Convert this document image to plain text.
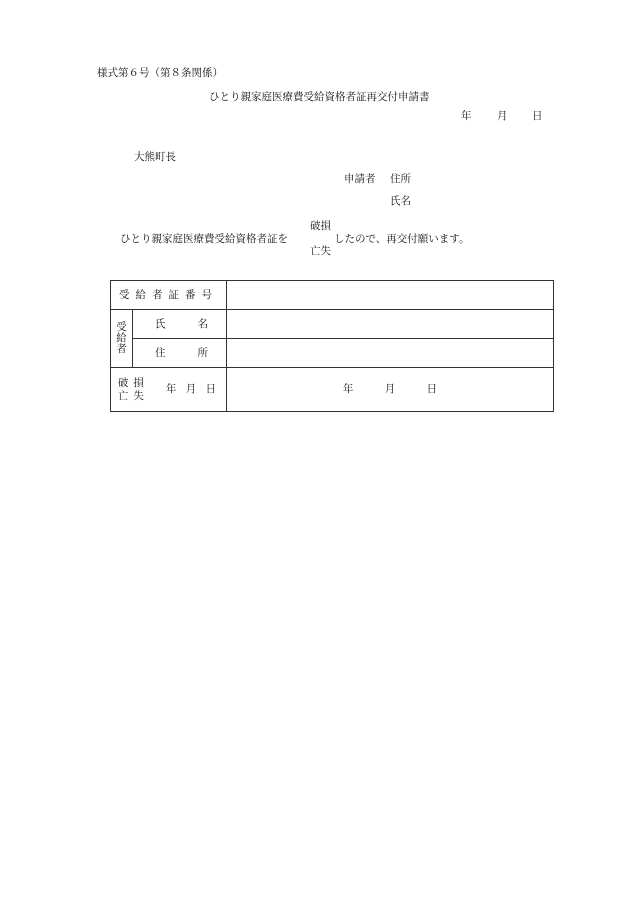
様式第６号（第８条関係）
ひとり親家庭医療費受給資格者証再交付申請書
年 月 日
大熊町長
申請者 住所
氏名
ひとり親家庭医療費受給資格者証を
破損
亡失
したので、再交付願います。
受給者証番号		

受給者	氏 名	

	住 所	

破損
亡失
年 月 日		年 月 日
